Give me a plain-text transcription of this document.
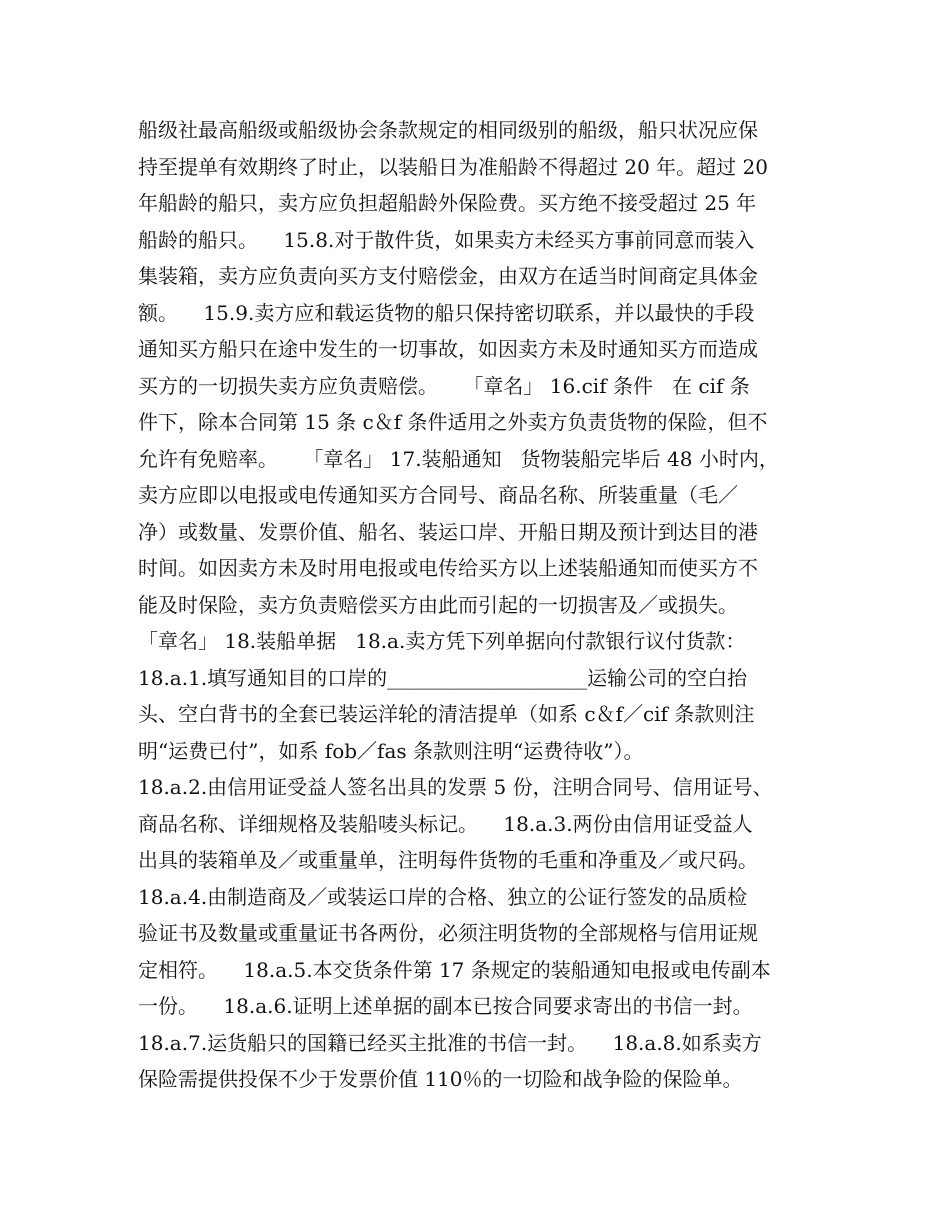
船级社最高船级或船级协会条款规定的相同级别的船级，船只状况应保
持至提单有效期终了时止，以装船日为准船龄不得超过 20 年。超过 20
年船龄的船只，卖方应负担超船龄外保险费。买方绝不接受超过 25 年
船龄的船只。    15.8.对于散件货，如果卖方未经买方事前同意而装入
集装箱，卖方应负责向买方支付赔偿金，由双方在适当时间商定具体金
额。    15.9.卖方应和载运货物的船只保持密切联系，并以最快的手段
通知买方船只在途中发生的一切事故，如因卖方未及时通知买方而造成
买方的一切损失卖方应负责赔偿。    「章名」 16.cif 条件   在 cif 条
件下，除本合同第 15 条 c＆f 条件适用之外卖方负责货物的保险，但不
允许有免赔率。    「章名」 17.装船通知   货物装船完毕后 48 小时内，
卖方应即以电报或电传通知买方合同号、商品名称、所装重量（毛／
净）或数量、发票价值、船名、装运口岸、开船日期及预计到达目的港
时间。如因卖方未及时用电报或电传给买方以上述装船通知而使买方不
能及时保险，卖方负责赔偿买方由此而引起的一切损害及／或损失。
「章名」 18.装船单据   18.a.卖方凭下列单据向付款银行议付货款：
18.a.1.填写通知目的口岸的____________________运输公司的空白抬
头、空白背书的全套已装运洋轮的清洁提单（如系 c＆f／cif 条款则注
明“运费已付”，如系 fob／fas 条款则注明“运费待收”）。
18.a.2.由信用证受益人签名出具的发票 5 份，注明合同号、信用证号、
商品名称、详细规格及装船唛头标记。    18.a.3.两份由信用证受益人
出具的装箱单及／或重量单，注明每件货物的毛重和净重及／或尺码。
18.a.4.由制造商及／或装运口岸的合格、独立的公证行签发的品质检
验证书及数量或重量证书各两份，必须注明货物的全部规格与信用证规
定相符。    18.a.5.本交货条件第 17 条规定的装船通知电报或电传副本
一份。    18.a.6.证明上述单据的副本已按合同要求寄出的书信一封。
18.a.7.运货船只的国籍已经买主批准的书信一封。    18.a.8.如系卖方
保险需提供投保不少于发票价值 110％的一切险和战争险的保险单。
